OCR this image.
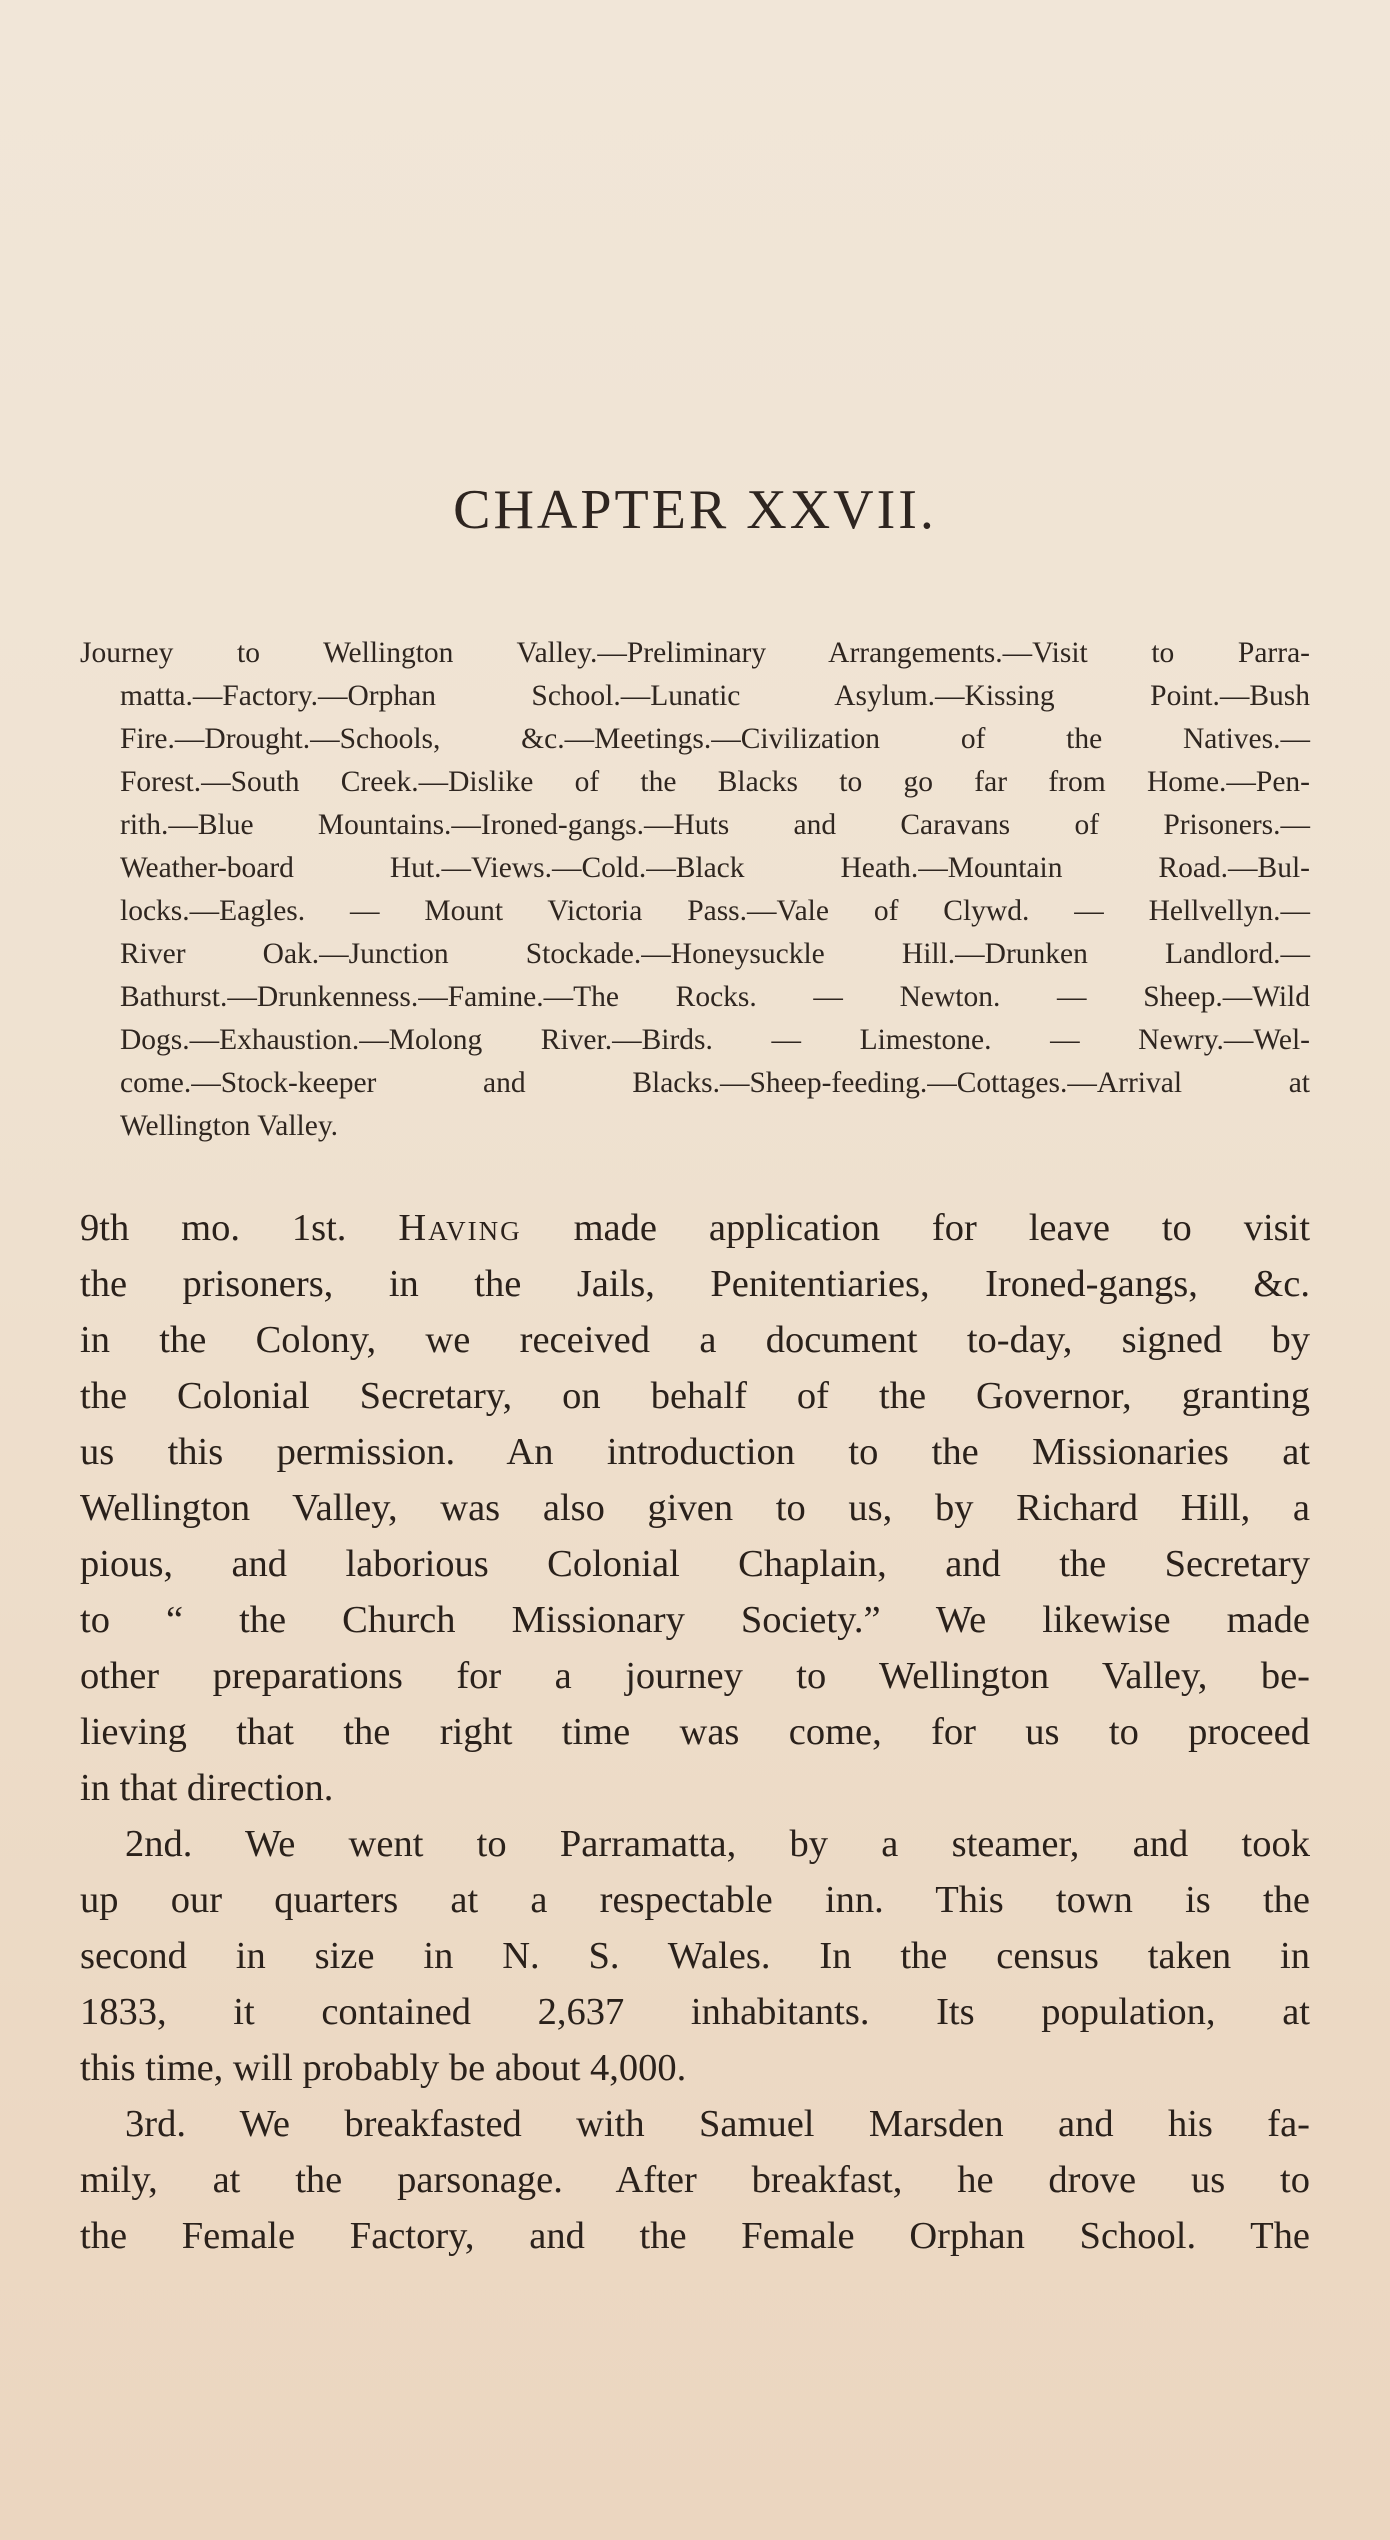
CHAPTER XXVII.
Journey to Wellington Valley.—Preliminary Arrangements.—Visit to Parra-
matta.—Factory.—Orphan School.—Lunatic Asylum.—Kissing Point.—Bush
Fire.—Drought.—Schools, &c.—Meetings.—Civilization of the Natives.—
Forest.—South Creek.—Dislike of the Blacks to go far from Home.—Pen-
rith.—Blue Mountains.—Ironed-gangs.—Huts and Caravans of Prisoners.—
Weather-board Hut.—Views.—Cold.—Black Heath.—Mountain Road.—Bul-
locks.—Eagles. — Mount Victoria Pass.—Vale of Clywd. — Hellvellyn.—
River Oak.—Junction Stockade.—Honeysuckle Hill.—Drunken Landlord.—
Bathurst.—Drunkenness.—Famine.—The Rocks. — Newton. — Sheep.—Wild
Dogs.—Exhaustion.—Molong River.—Birds. — Limestone. — Newry.—Wel-
come.—Stock-keeper and Blacks.—Sheep-feeding.—Cottages.—Arrival at
Wellington Valley.
9th mo. 1st. Having made application for leave to visit
the prisoners, in the Jails, Penitentiaries, Ironed-gangs, &c.
in the Colony, we received a document to-day, signed by
the Colonial Secretary, on behalf of the Governor, granting
us this permission. An introduction to the Missionaries at
Wellington Valley, was also given to us, by Richard Hill, a
pious, and laborious Colonial Chaplain, and the Secretary
to “ the Church Missionary Society.” We likewise made
other preparations for a journey to Wellington Valley, be-
lieving that the right time was come, for us to proceed
in that direction.
2nd. We went to Parramatta, by a steamer, and took
up our quarters at a respectable inn. This town is the
second in size in N. S. Wales. In the census taken in
1833, it contained 2,637 inhabitants. Its population, at
this time, will probably be about 4,000.
3rd. We breakfasted with Samuel Marsden and his fa-
mily, at the parsonage. After breakfast, he drove us to
the Female Factory, and the Female Orphan School. The
